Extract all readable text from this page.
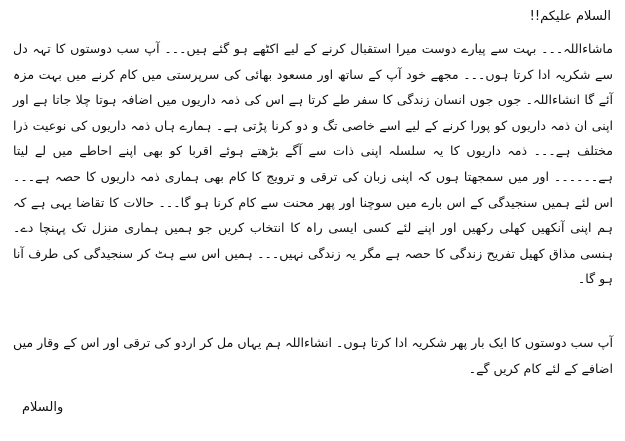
السلام علیکم!!

ماشاءاللہ۔۔۔ بہت سے پیارے دوست میرا استقبال کرنے کے لیے اکٹھے ہو گئے ہیں۔۔۔ آپ سب دوستوں کا تہہ دل سے شکریہ ادا کرتا ہوں۔۔۔ مجھے خود آپ کے ساتھ اور مسعود بھائی کی سرپرستی میں کام کرنے میں بہت مزہ آئے گا انشاءاللہ۔ جوں جوں انسان زندگی کا سفر طے کرتا ہے اس کی ذمہ داریوں میں اضافہ ہوتا چلا جاتا ہے اور اپنی ان ذمہ داریوں کو پورا کرنے کے لیے اسے خاصی تگ و دو کرنا پڑتی ہے۔ ہمارے ہاں ذمہ داریوں کی نوعیت ذرا مختلف ہے۔۔۔ ذمہ داریوں کا یہ سلسلہ اپنی ذات سے آگے بڑھتے ہوئے اقربا کو بھی اپنے احاطے میں لے لیتا ہے۔۔۔۔۔۔ اور میں سمجھتا ہوں کہ اپنی زبان کی ترقی و ترویج کا کام بھی ہماری ذمہ داریوں کا حصہ ہے۔۔۔ اس لئے ہمیں سنجیدگی کے اس بارے میں سوچنا اور پھر محنت سے کام کرنا ہو گا۔۔۔ حالات کا تقاضا یہی ہے کہ ہم اپنی آنکھیں کھلی رکھیں اور اپنے لئے کسی ایسی راہ کا انتخاب کریں جو ہمیں ہماری منزل تک پہنچا دے۔ ہنسی مذاق کھیل تفریح زندگی کا حصہ ہے مگر یہ زندگی نہیں۔۔۔ ہمیں اس سے ہٹ کر سنجیدگی کی طرف آنا ہو گا۔

آپ سب دوستوں کا ایک بار پھر شکریہ ادا کرتا ہوں۔ انشاءاللہ ہم یہاں مل کر اردو کی ترقی اور اس کے وقار میں اضافے کے لئے کام کریں گے۔

والسلام
